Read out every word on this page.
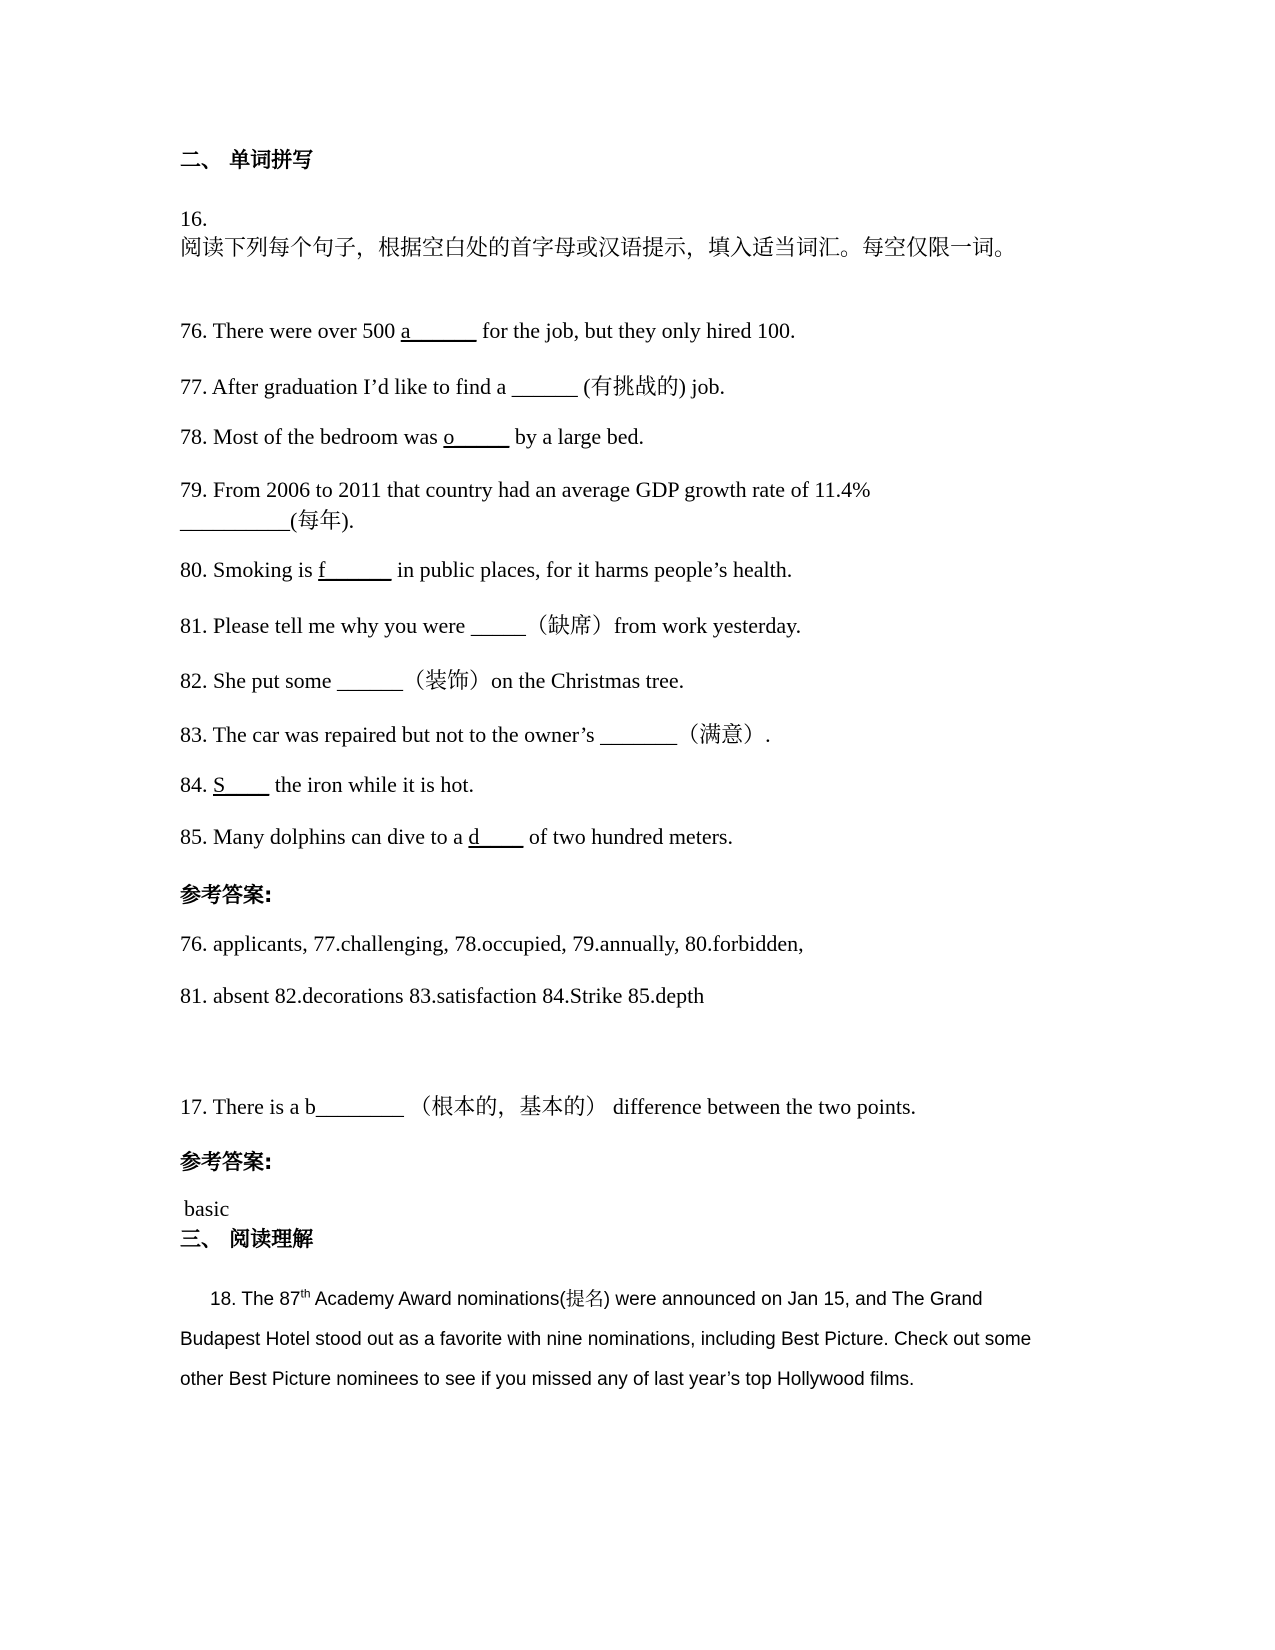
二、 单词拼写
16.
阅读下列每个句子，根据空白处的首字母或汉语提示，填入适当词汇。每空仅限一词。
76. There were over 500 a______ for the job, but they only hired 100.
77. After graduation I’d like to find a ______ (有挑战的) job.
78. Most of the bedroom was o_____ by a large bed.
79. From 2006 to 2011 that country had an average GDP growth rate of 11.4% __________(每年).
80. Smoking is f______ in public places, for it harms people’s health.
81. Please tell me why you were _____（缺席）from work yesterday.
82. She put some ______（装饰）on the Christmas tree.
83. The car was repaired but not to the owner’s _______（满意）.
84. S____ the iron while it is hot.
85. Many dolphins can dive to a d____ of two hundred meters.
参考答案:
76. applicants, 77.challenging, 78.occupied, 79.annually, 80.forbidden,
81. absent 82.decorations 83.satisfaction 84.Strike 85.depth
17. There is a b________ （根本的，基本的） difference between the two points.
参考答案:
basic
三、 阅读理解
18. The 87th Academy Award nominations(提名) were announced on Jan 15, and The Grand Budapest Hotel stood out as a favorite with nine nominations, including Best Picture. Check out some other Best Picture nominees to see if you missed any of last year’s top Hollywood films.
